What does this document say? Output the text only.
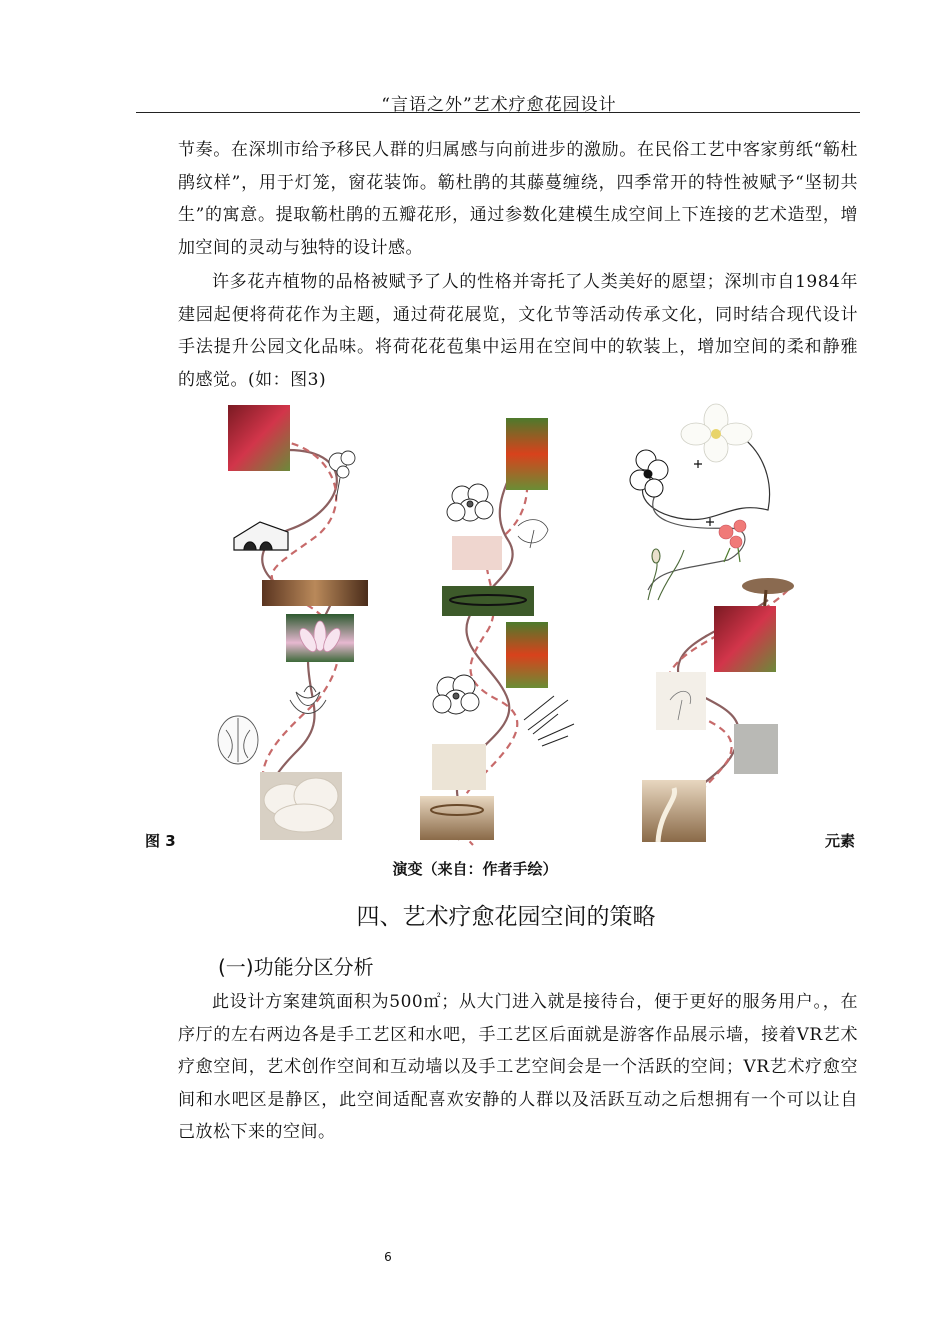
“言语之外”艺术疗愈花园设计
节奏。在深圳市给予移民人群的归属感与向前进步的激励。在民俗工艺中客家剪纸“簕杜鹃纹样”，用于灯笼，窗花装饰。簕杜鹃的其藤蔓缠绕，四季常开的特性被赋予“坚韧共生”的寓意。提取簕杜鹃的五瓣花形，通过参数化建模生成空间上下连接的艺术造型，增加空间的灵动与独特的设计感。
许多花卉植物的品格被赋予了人的性格并寄托了人类美好的愿望；深圳市自1984年建园起便将荷花作为主题，通过荷花展览，文化节等活动传承文化，同时结合现代设计手法提升公园文化品味。将荷花花苞集中运用在空间中的软装上，增加空间的柔和静雅的感觉。(如：图3)
图 3	元素
演变（来自：作者手绘）
四、艺术疗愈花园空间的策略
(一)功能分区分析
此设计方案建筑面积为500㎡；从大门进入就是接待台，便于更好的服务用户。，在序厅的左右两边各是手工艺区和水吧，手工艺区后面就是游客作品展示墙，接着VR艺术疗愈空间，艺术创作空间和互动墙以及手工艺空间会是一个活跃的空间；VR艺术疗愈空间和水吧区是静区，此空间适配喜欢安静的人群以及活跃互动之后想拥有一个可以让自己放松下来的空间。
6
